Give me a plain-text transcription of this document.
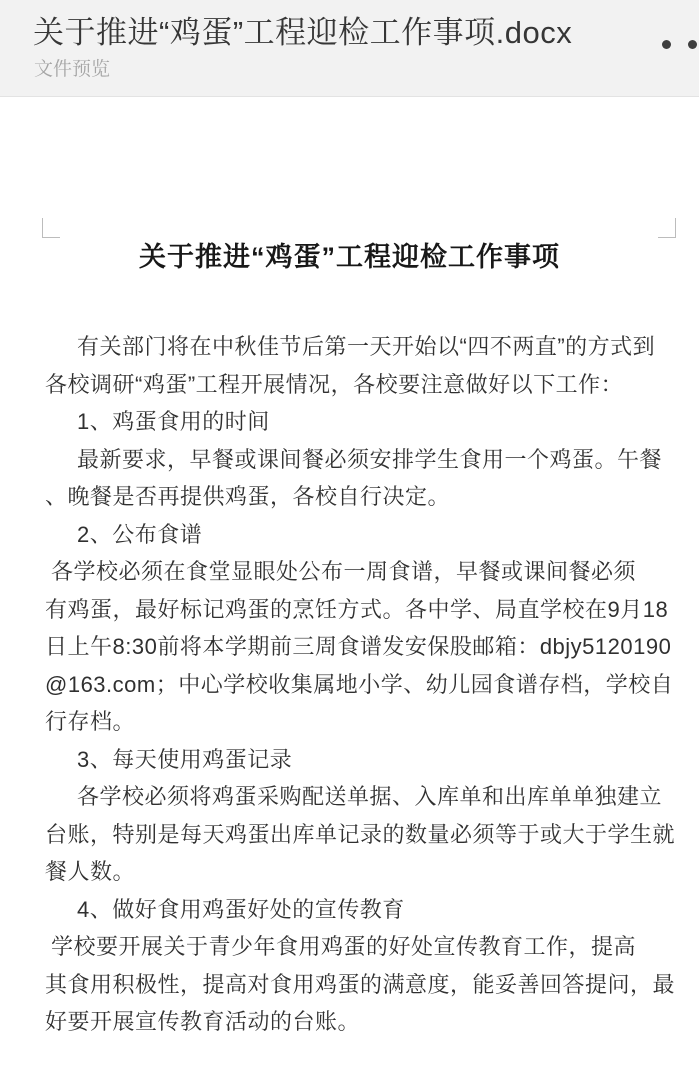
关于推进“鸡蛋”工程迎检工作事项.docx
文件预览
关于推进“鸡蛋”工程迎检工作事项
有关部门将在中秋佳节后第一天开始以“四不两直”的方式到
各校调研“鸡蛋”工程开展情况，各校要注意做好以下工作：
1、鸡蛋食用的时间
最新要求，早餐或课间餐必须安排学生食用一个鸡蛋。午餐
、晚餐是否再提供鸡蛋，各校自行决定。
2、公布食谱
各学校必须在食堂显眼处公布一周食谱，早餐或课间餐必须
有鸡蛋，最好标记鸡蛋的烹饪方式。各中学、局直学校在9月18
日上午8:30前将本学期前三周食谱发安保股邮箱：dbjy5120190
@163.com；中心学校收集属地小学、幼儿园食谱存档，学校自
行存档。
3、每天使用鸡蛋记录
各学校必须将鸡蛋采购配送单据、入库单和出库单单独建立
台账，特别是每天鸡蛋出库单记录的数量必须等于或大于学生就
餐人数。
4、做好食用鸡蛋好处的宣传教育
学校要开展关于青少年食用鸡蛋的好处宣传教育工作，提高
其食用积极性，提高对食用鸡蛋的满意度，能妥善回答提问，最
好要开展宣传教育活动的台账。
